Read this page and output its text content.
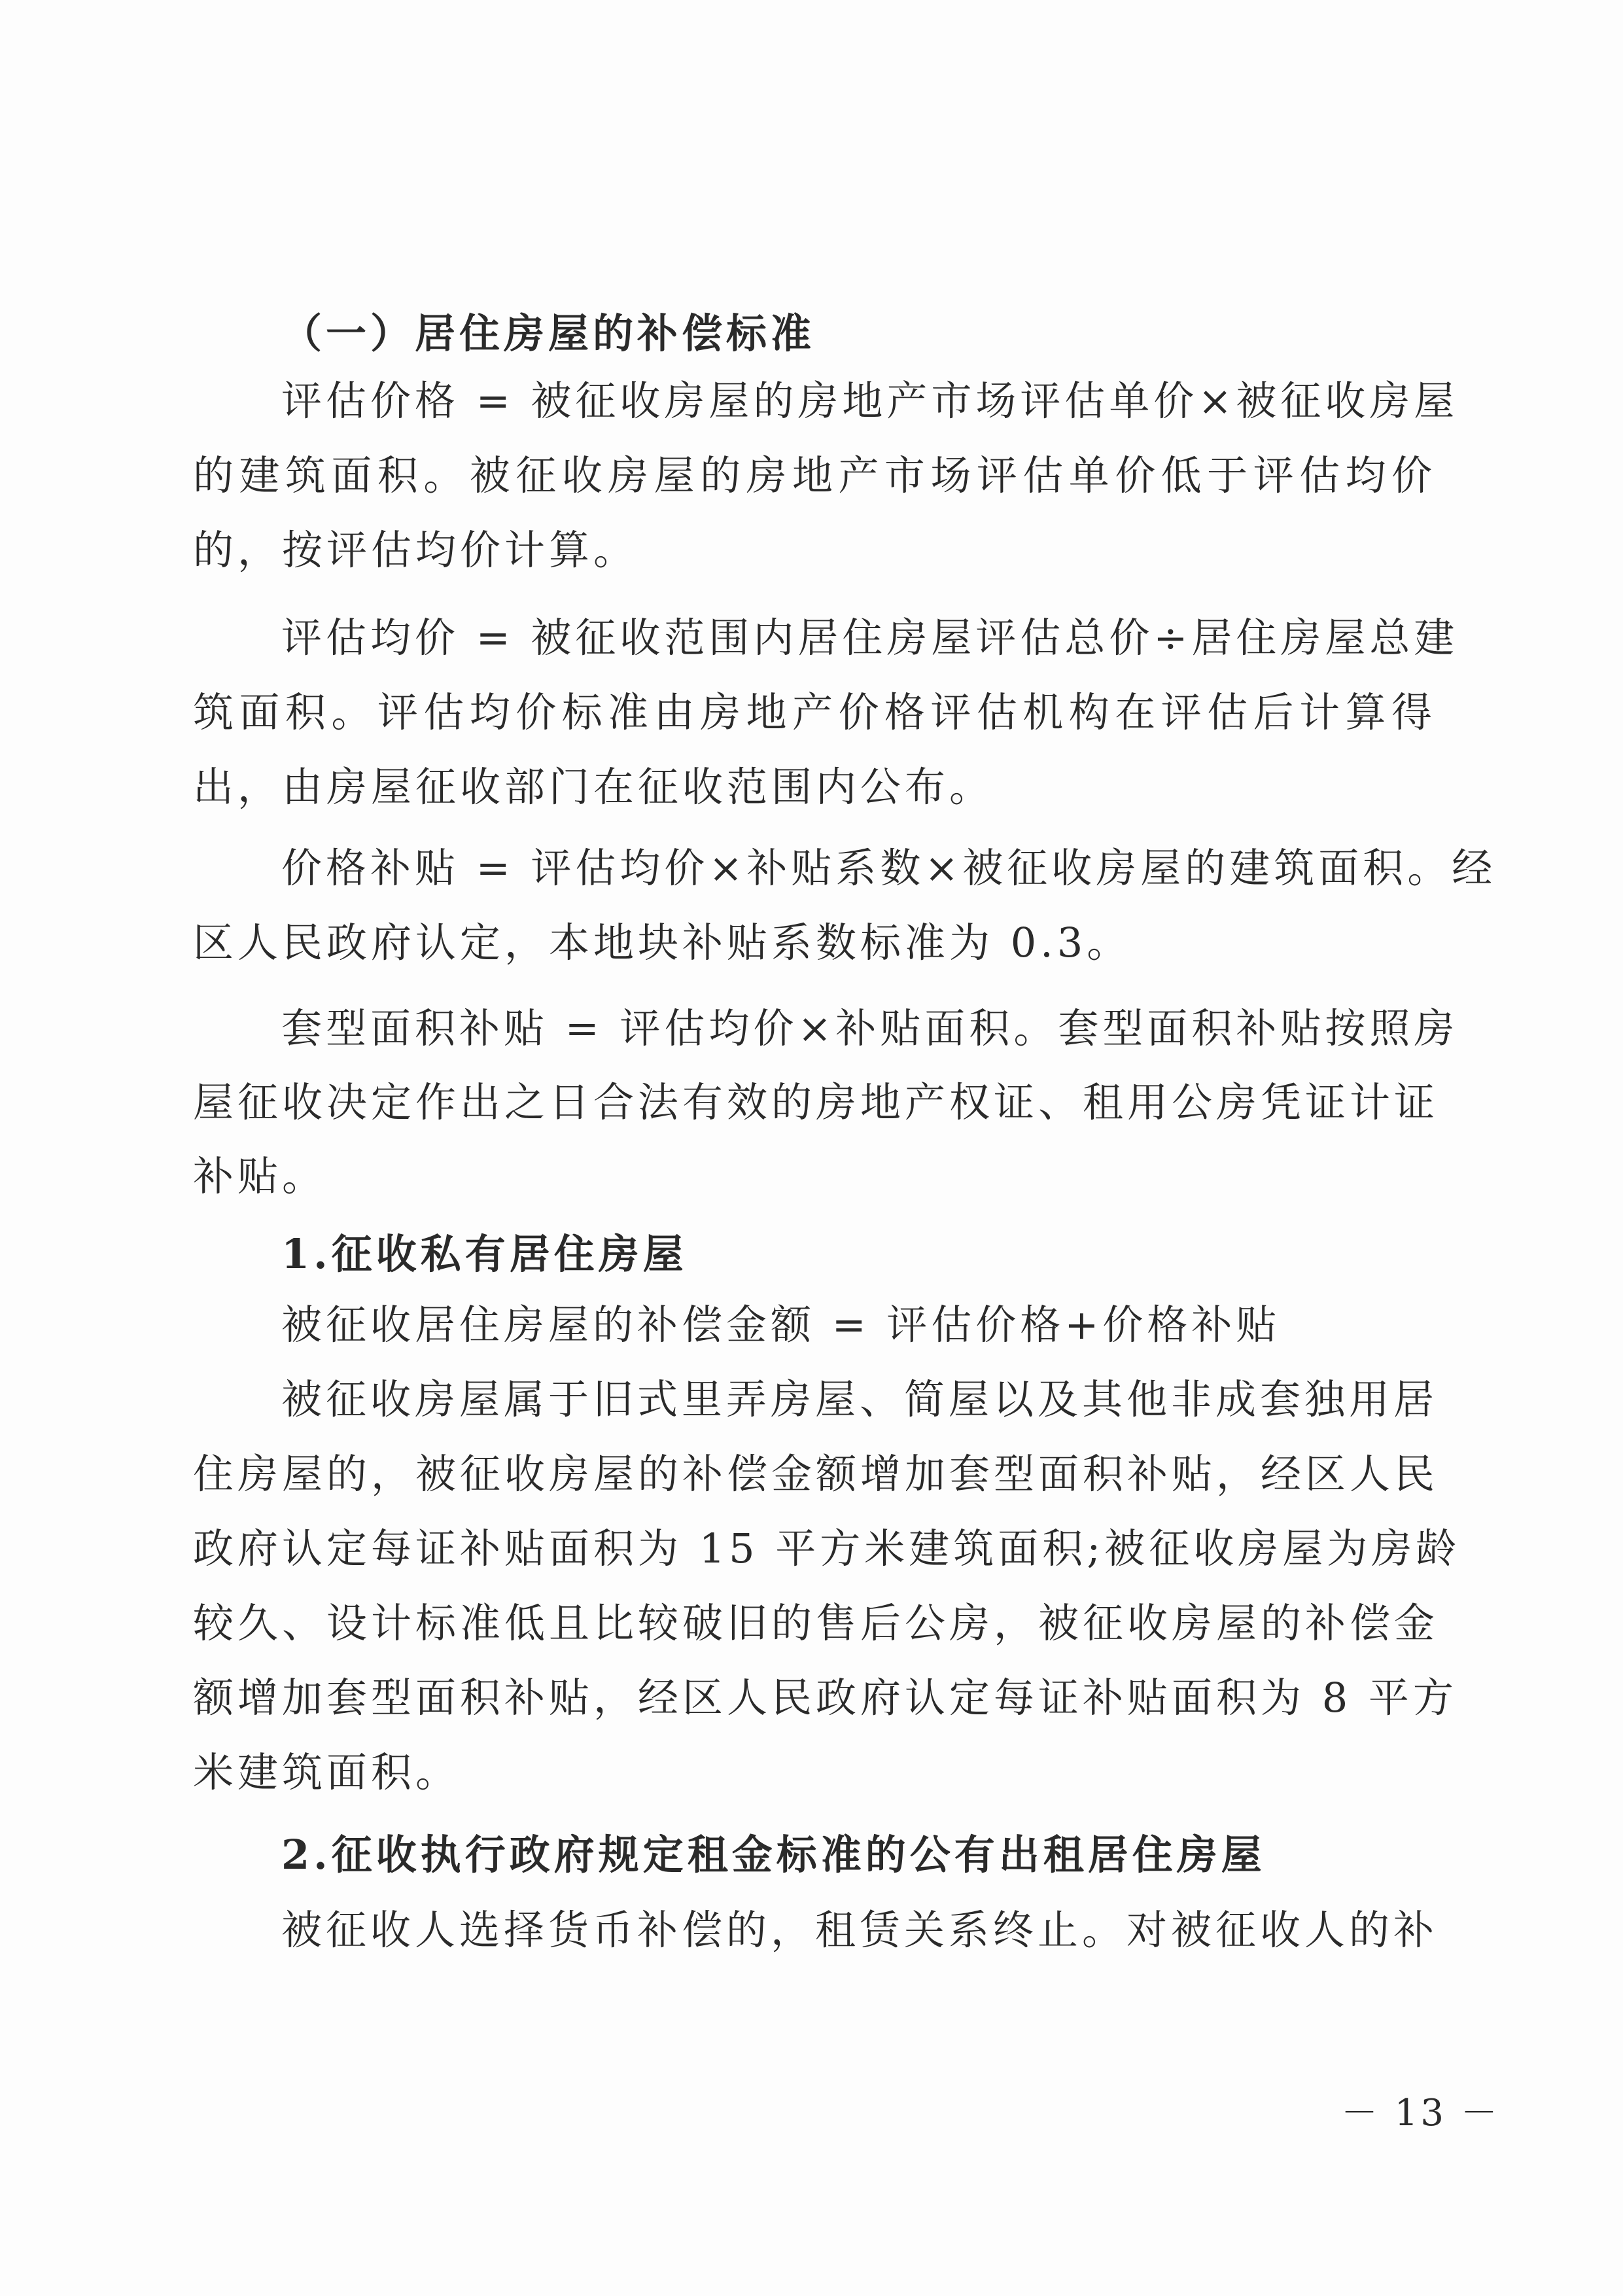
（一）居住房屋的补偿标准
评估价格 = 被征收房屋的房地产市场评估单价×被征收房屋
的建筑面积。被征收房屋的房地产市场评估单价低于评估均价
的，按评估均价计算。
评估均价 = 被征收范围内居住房屋评估总价÷居住房屋总建
筑面积。评估均价标准由房地产价格评估机构在评估后计算得
出，由房屋征收部门在征收范围内公布。
价格补贴 = 评估均价×补贴系数×被征收房屋的建筑面积。经
区人民政府认定，本地块补贴系数标准为 0.3。
套型面积补贴 = 评估均价×补贴面积。套型面积补贴按照房
屋征收决定作出之日合法有效的房地产权证、租用公房凭证计证
补贴。
1.征收私有居住房屋
被征收居住房屋的补偿金额 = 评估价格+价格补贴
被征收房屋属于旧式里弄房屋、简屋以及其他非成套独用居
住房屋的，被征收房屋的补偿金额增加套型面积补贴，经区人民
政府认定每证补贴面积为 15 平方米建筑面积;被征收房屋为房龄
较久、设计标准低且比较破旧的售后公房，被征收房屋的补偿金
额增加套型面积补贴，经区人民政府认定每证补贴面积为 8 平方
米建筑面积。
2.征收执行政府规定租金标准的公有出租居住房屋
被征收人选择货币补偿的，租赁关系终止。对被征收人的补
－ 13 －
